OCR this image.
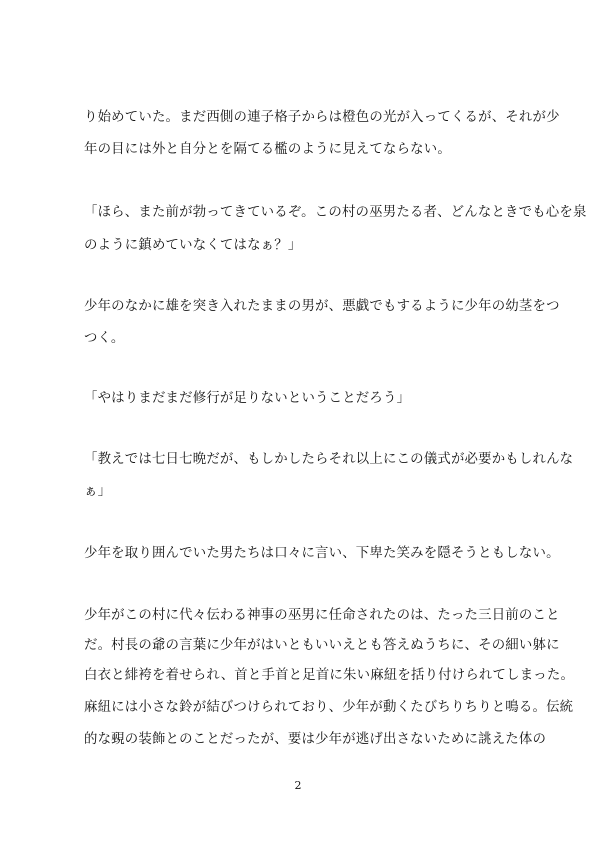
り始めていた。まだ西側の連子格子からは橙色の光が入ってくるが、それが少
年の目には外と自分とを隔てる檻のように見えてならない。
「ほら、また前が勃ってきているぞ。この村の巫男たる者、どんなときでも心を泉
のように鎮めていなくてはなぁ？」
少年のなかに雄を突き入れたままの男が、悪戯でもするように少年の幼茎をつ
つく。
「やはりまだまだ修行が足りないということだろう」
「教えでは七日七晩だが、もしかしたらそれ以上にこの儀式が必要かもしれんな
ぁ」
少年を取り囲んでいた男たちは口々に言い、下卑た笑みを隠そうともしない。
少年がこの村に代々伝わる神事の巫男に任命されたのは、たった三日前のこと
だ。村長の爺の言葉に少年がはいともいいえとも答えぬうちに、その細い躰に
白衣と緋袴を着せられ、首と手首と足首に朱い麻紐を括り付けられてしまった。
麻紐には小さな鈴が結びつけられており、少年が動くたびちりちりと鳴る。伝統
的な覡の装飾とのことだったが、要は少年が逃げ出さないために誂えた体の
2
